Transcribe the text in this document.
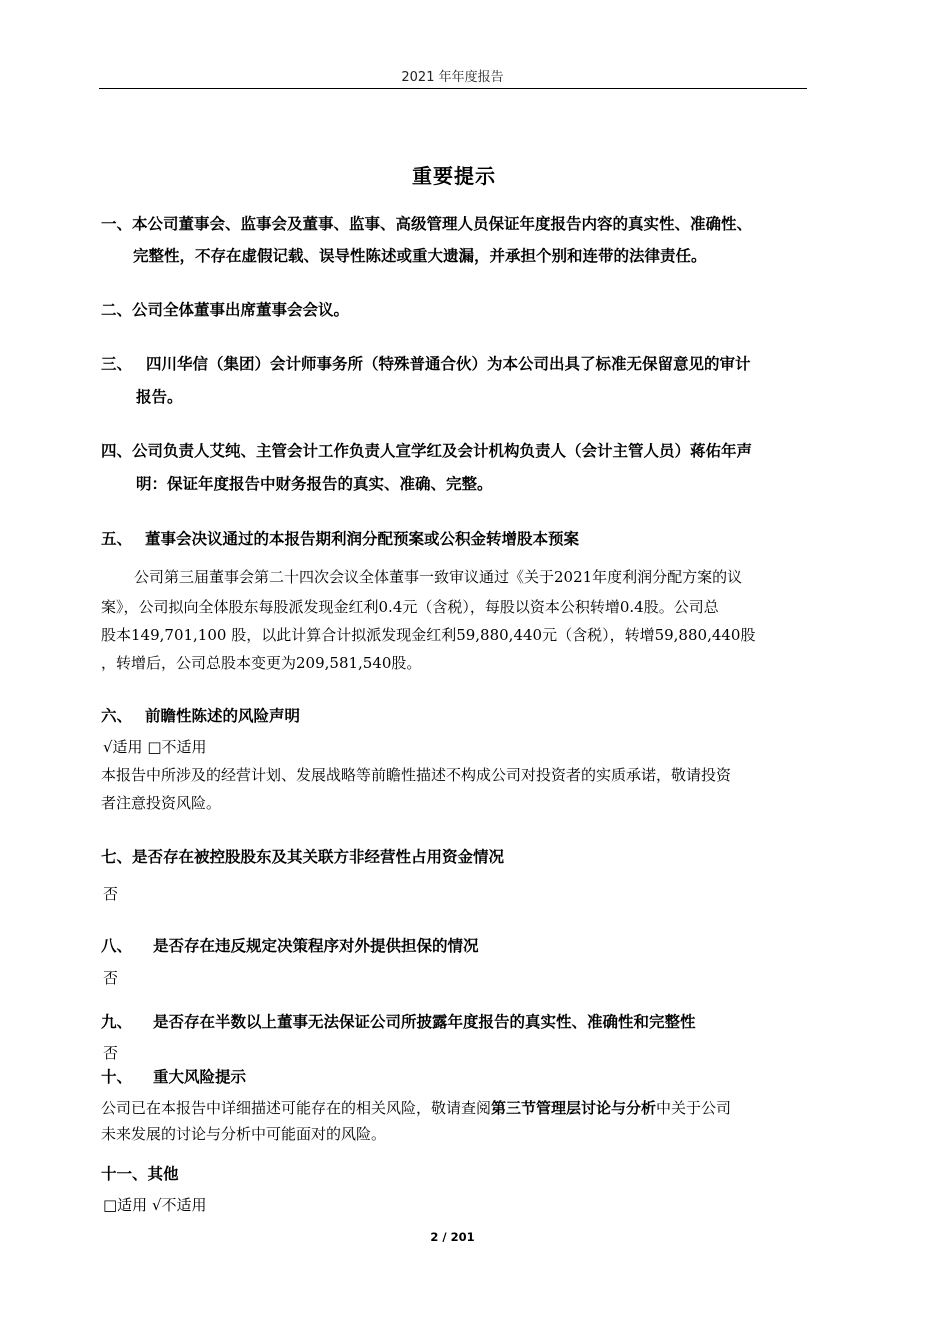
2021 年年度报告
重要提示

一、本公司董事会、监事会及董事、监事、高级管理人员保证年度报告内容的真实性、准确性、

完整性，不存在虚假记载、误导性陈述或重大遗漏，并承担个别和连带的法律责任。

二、公司全体董事出席董事会会议。

三、 四川华信（集团）会计师事务所（特殊普通合伙）为本公司出具了标准无保留意见的审计

报告。

四、公司负责人艾纯、主管会计工作负责人宣学红及会计机构负责人（会计主管人员）蒋佑年声

明：保证年度报告中财务报告的真实、准确、完整。

五、 董事会决议通过的本报告期利润分配预案或公积金转增股本预案

公司第三届董事会第二十四次会议全体董事一致审议通过《关于2021年度利润分配方案的议

案》，公司拟向全体股东每股派发现金红利0.4元（含税），每股以资本公积转增0.4股。公司总

股本149,701,100 股，以此计算合计拟派发现金红利59,880,440元（含税），转增59,880,440股

，转增后，公司总股本变更为209,581,540股。

六、 前瞻性陈述的风险声明

√适用 □不适用

本报告中所涉及的经营计划、发展战略等前瞻性描述不构成公司对投资者的实质承诺，敬请投资

者注意投资风险。

七、是否存在被控股股东及其关联方非经营性占用资金情况

否

八、 是否存在违反规定决策程序对外提供担保的情况

否

九、 是否存在半数以上董事无法保证公司所披露年度报告的真实性、准确性和完整性

否

十、 重大风险提示

公司已在本报告中详细描述可能存在的相关风险，敬请查阅第三节管理层讨论与分析中关于公司

未来发展的讨论与分析中可能面对的风险。

十一、其他

□适用 √不适用

2 / 201
